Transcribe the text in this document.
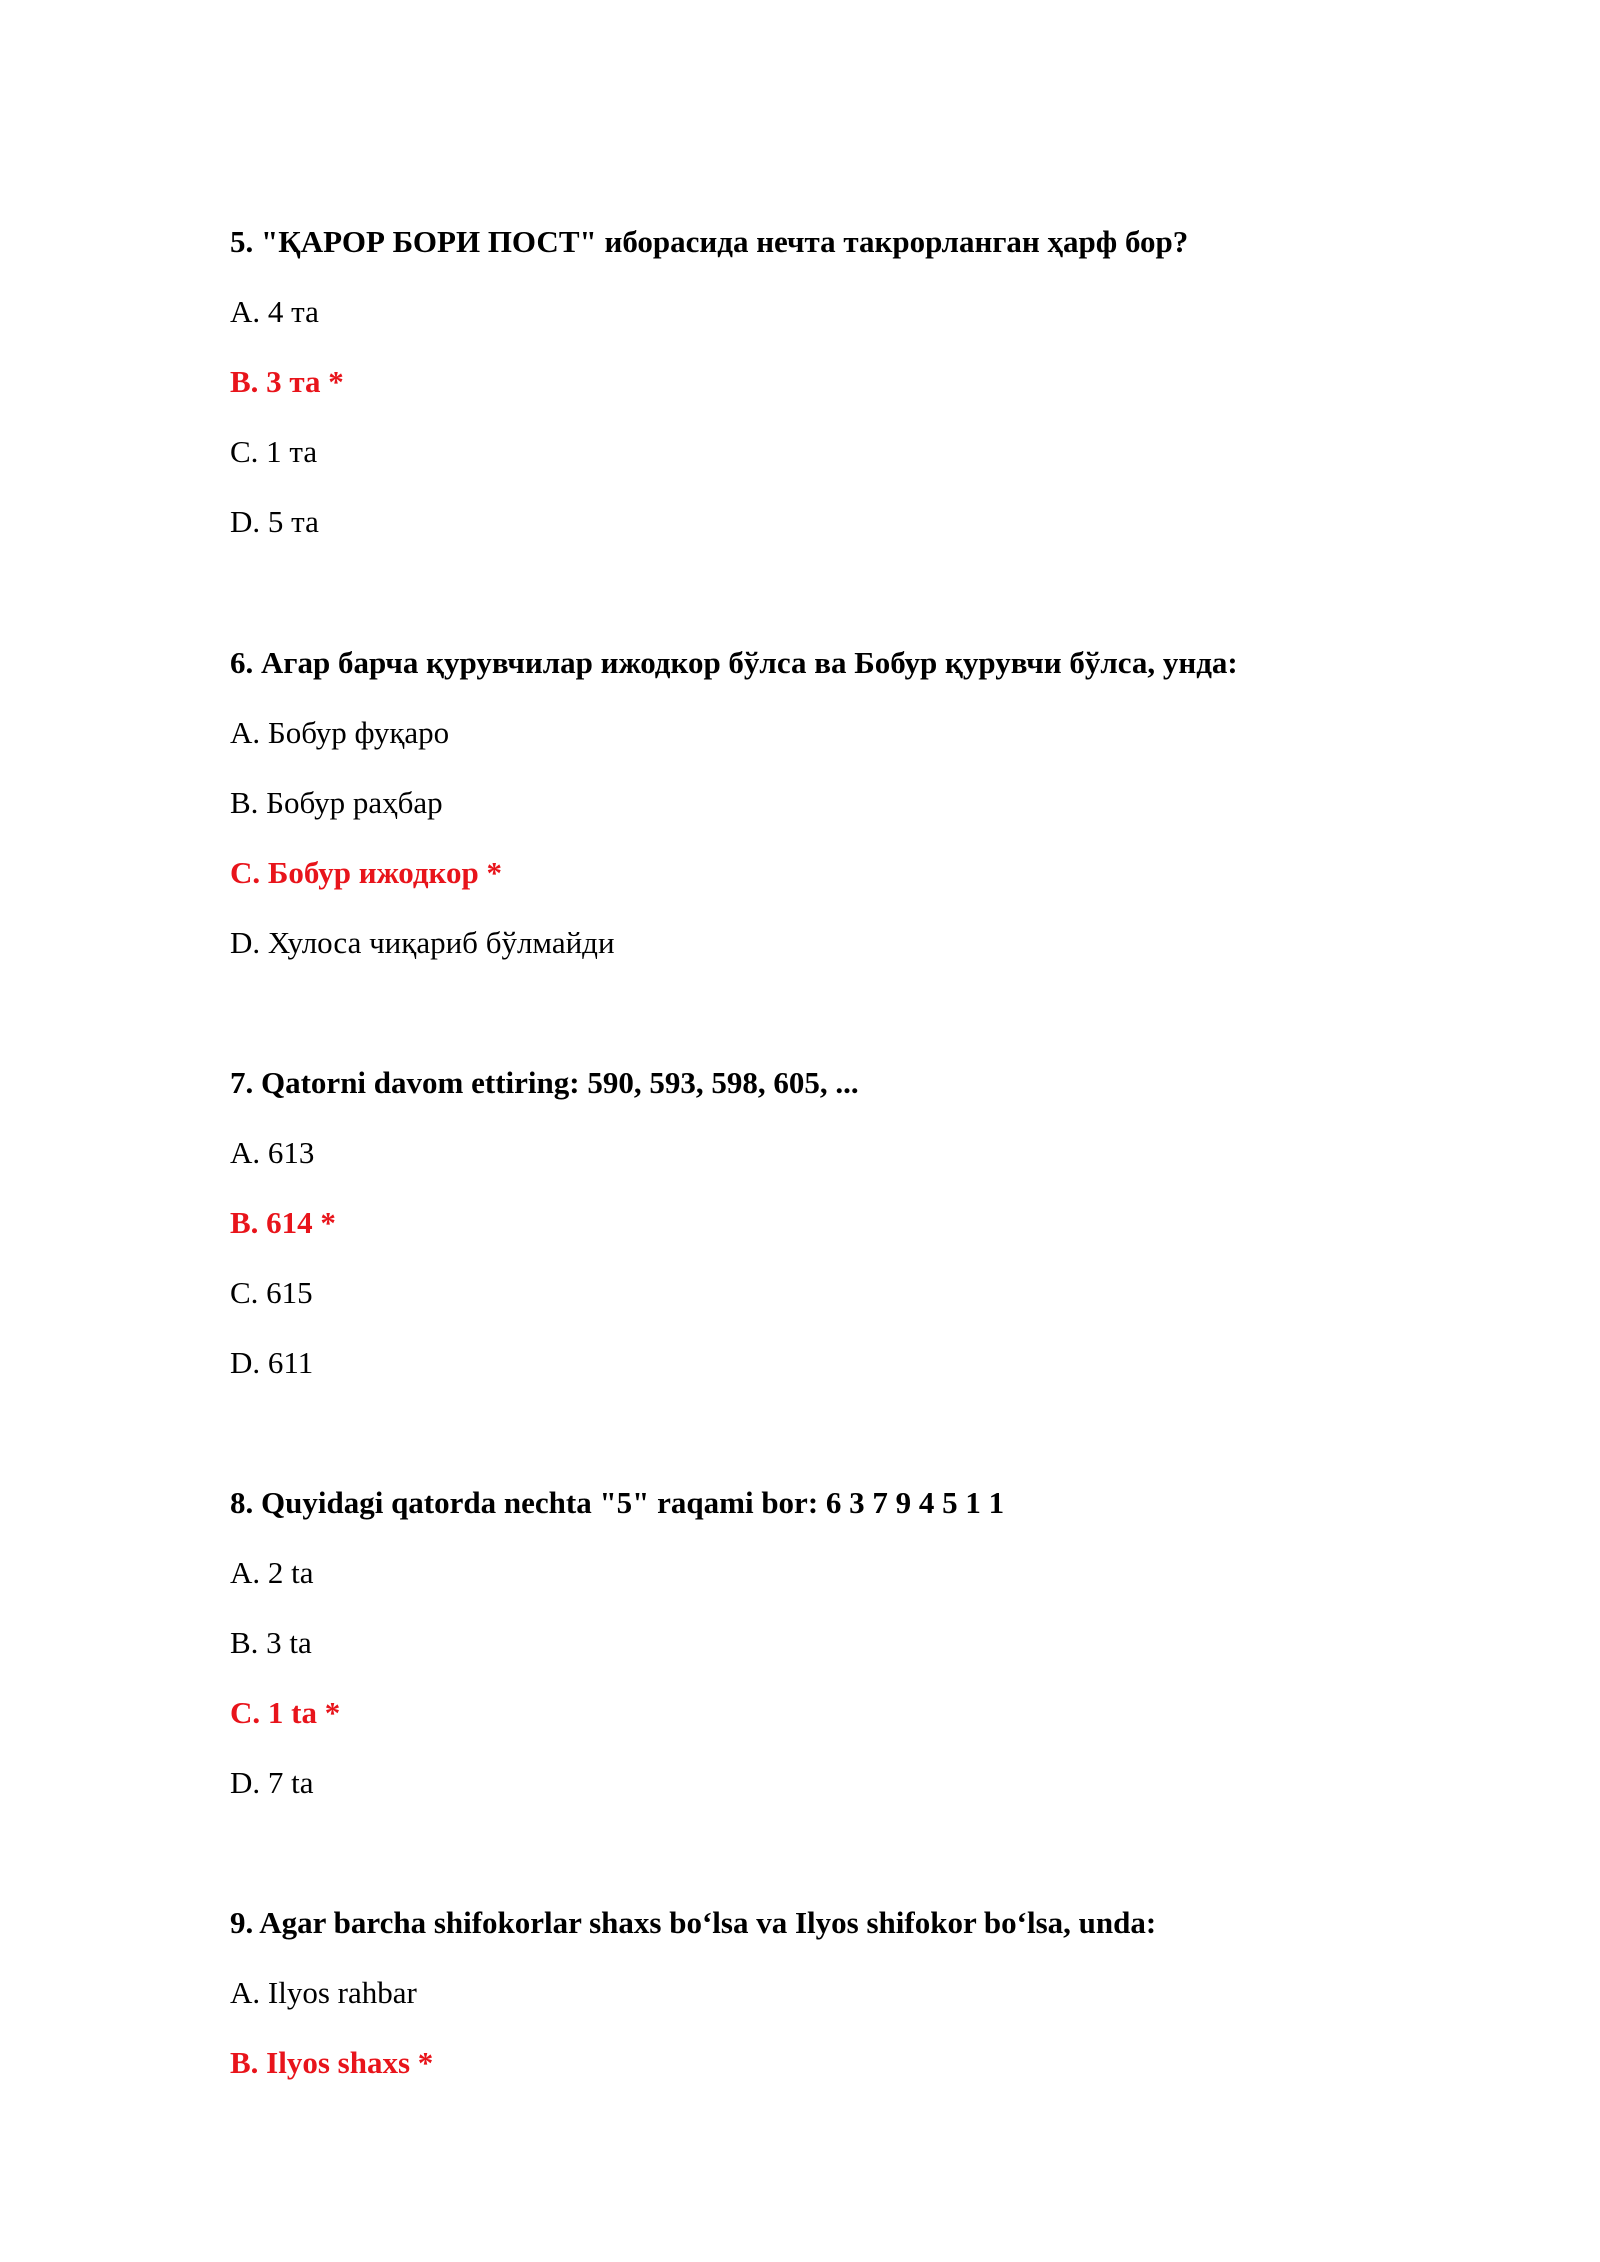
5. "ҚАРОР БОРИ ПОСТ" иборасида нечта такрорланган ҳарф бор?

A. 4 та
B. 3 та *
C. 1 та
D. 5 та

6. Агар барча қурувчилар ижодкор бўлса ва Бобур қурувчи бўлса, унда:

A. Бобур фуқаро
B. Бобур раҳбар
C. Бобур ижодкор *
D. Хулоса чиқариб бўлмайди

7. Qatorni davom ettiring: 590, 593, 598, 605, ...

A. 613
B. 614 *
C. 615
D. 611

8. Quyidagi qatorda nechta "5" raqami bor: 6 3 7 9 4 5 1 1

A. 2 ta
B. 3 ta
C. 1 ta *
D. 7 ta

9. Agar barcha shifokorlar shaxs bo‘lsa va Ilyos shifokor bo‘lsa, unda:

A. Ilyos rahbar
B. Ilyos shaxs *
